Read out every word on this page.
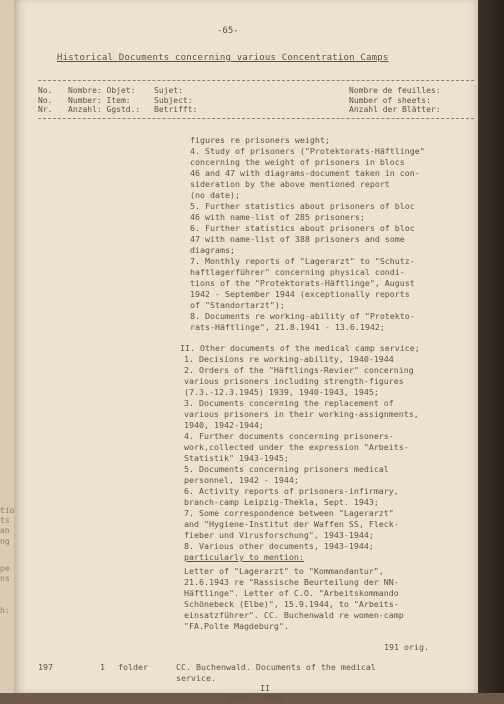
tio
ts
an
ng
pe
ns
h:
-65-
Historical Documents concerning various Concentration Camps
No.
No.
Nr.
Nombre: Objet:
Number: Item:
Anzahl: Ggstd.:
Sujet:
Subject:
Betrifft:
Nombre de feuilles:
Number of sheets:
Anzahl der Blätter:
figures re prisoners weight;
4. Study of prisoners ("Protektorats-Häftlinge"
concerning the weight of prisoners in blocs
46 and 47 with diagrams-document taken in con-
sideration by the above mentioned report
(no date);
5. Further statistics about prisoners of bloc
46 with name-list of 285 prisoners;
6. Further statistics about prisoners of bloc
47 with name-list of 388 prisoners and some
diagrams;
7. Monthly reports of "Lagerarzt" to "Schutz-
haftlagerführer" concerning physical condi-
tions of the "Protektorats-Häftlinge", August
1942 - September 1944 (exceptionally reports
of "Standortarzt");
8. Documents re working-ability of "Protekto-
rats-Häftlinge", 21.8.1941 - 13.6.1942;
II. Other documents of the medical camp service;
1. Decisions re working-ability, 1940-1944
2. Orders of the "Häftlings-Revier" concerning
various prisoners including strength-figures
(7.3.-12.3.1945) 1939, 1940-1943, 1945;
3. Documents concerning the replacement of
various prisoners in their working-assignments,
1940, 1942-1944;
4. Further documents concerning prisoners-
work,collected under the expression "Arbeits-
Statistik" 1943-1945;
5. Documents concerning prisoners medical
personnel, 1942 - 1944;
6. Activity reports of prisoners-infirmary,
branch-camp Leipzig-Thekla, Sept. 1943;
7. Some correspondence between "Lagerarzt"
and "Hygiene-Institut der Waffen SS, Fleck-
fieber und Virusforschung", 1943-1944;
8. Various other documents, 1943-1944;
particularly to mention:
Letter of "Lagerarzt" to "Kommandantur",
21.6.1943 re "Rassische Beurteilung der NN-
Häftlinge". Letter of C.O. "Arbeitskommando
Schönebeck (Elbe)", 15.9.1944, to "Arbeits-
einsatzführer". CC. Buchenwald re women-camp
"FA.Polte Magdeburg".
191 orig.
197	1 folder	CC. Buchenwald. Documents of the medical
service.
II
1940 - 1945
